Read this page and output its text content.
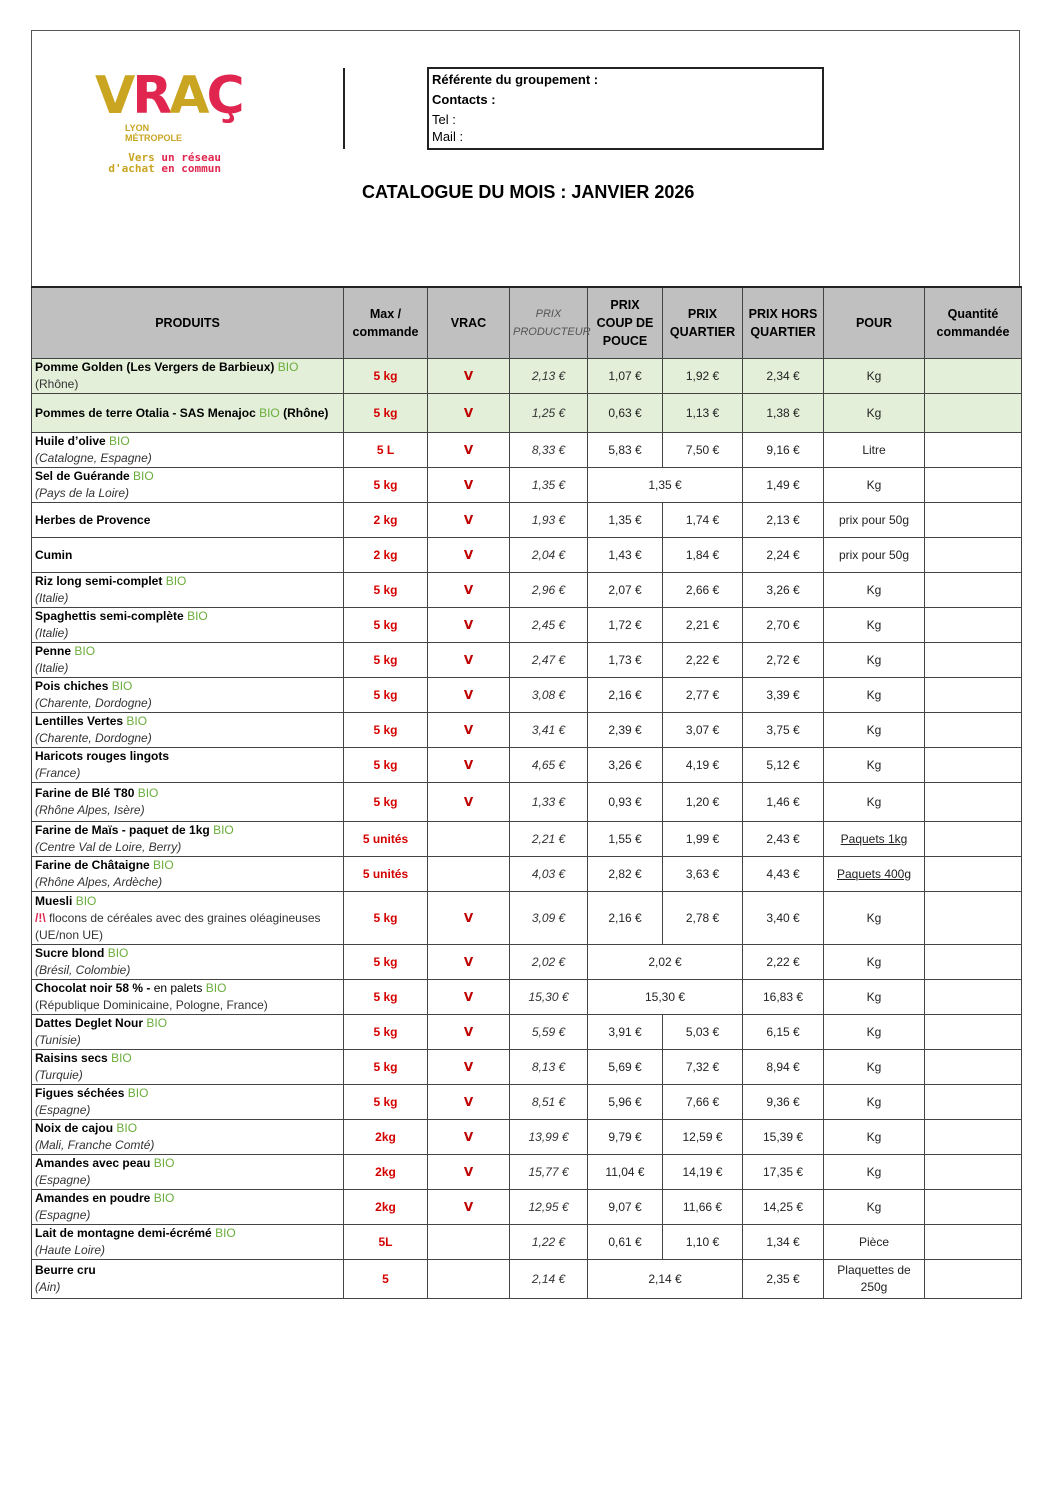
VRAÇ
LYON
MÉTROPOLE
Vers un réseau
d'achat en commun
Référente du groupement :
Contacts :
Tel :
Mail :
CATALOGUE DU MOIS : JANVIER 2026
PRODUITS	Max / commande	VRAC	PRIX PRODUCTEUR	PRIX COUP DE POUCE	PRIX QUARTIER	PRIX HORS QUARTIER	POUR	Quantité commandée
Pomme Golden (Les Vergers de Barbieux) BIO
(Rhône)	5 kg	V	2,13 €	1,07 €	1,92 €	2,34 €	Kg	
Pommes de terre Otalia - SAS Menajoc BIO (Rhône)	5 kg	V	1,25 €	0,63 €	1,13 €	1,38 €	Kg	
Huile d’olive BIO
(Catalogne, Espagne)	5 L	V	8,33 €	5,83 €	7,50 €	9,16 €	Litre	
Sel de Guérande BIO
(Pays de la Loire)	5 kg	V	1,35 €	1,35 €		1,49 €	Kg	
Herbes de Provence	2 kg	V	1,93 €	1,35 €	1,74 €	2,13 €	prix pour 50g	
Cumin	2 kg	V	2,04 €	1,43 €	1,84 €	2,24 €	prix pour 50g	
Riz long semi-complet BIO
(Italie)	5 kg	V	2,96 €	2,07 €	2,66 €	3,26 €	Kg	
Spaghettis semi-complète BIO
(Italie)	5 kg	V	2,45 €	1,72 €	2,21 €	2,70 €	Kg	
Penne BIO
(Italie)	5 kg	V	2,47 €	1,73 €	2,22 €	2,72 €	Kg	
Pois chiches BIO
(Charente, Dordogne)	5 kg	V	3,08 €	2,16 €	2,77 €	3,39 €	Kg	
Lentilles Vertes BIO
(Charente, Dordogne)	5 kg	V	3,41 €	2,39 €	3,07 €	3,75 €	Kg	
Haricots rouges lingots
(France)	5 kg	V	4,65 €	3,26 €	4,19 €	5,12 €	Kg	
Farine de Blé T80 BIO
(Rhône Alpes, Isère)	5 kg	V	1,33 €	0,93 €	1,20 €	1,46 €	Kg	
Farine de Maïs - paquet de 1kg BIO
(Centre Val de Loire, Berry)	5 unités		2,21 €	1,55 €	1,99 €	2,43 €	Paquets 1kg	
Farine de Châtaigne BIO
(Rhône Alpes, Ardèche)	5 unités		4,03 €	2,82 €	3,63 €	4,43 €	Paquets 400g	
Muesli BIO
/!\ flocons de céréales avec des graines oléagineuses
(UE/non UE)	5 kg	V	3,09 €	2,16 €	2,78 €	3,40 €	Kg	
Sucre blond BIO
(Brésil, Colombie)	5 kg	V	2,02 €	2,02 €		2,22 €	Kg	
Chocolat noir 58 % - en palets BIO
(République Dominicaine, Pologne, France)	5 kg	V	15,30 €	15,30 €		16,83 €	Kg	
Dattes Deglet Nour BIO
(Tunisie)	5 kg	V	5,59 €	3,91 €	5,03 €	6,15 €	Kg	
Raisins secs BIO
(Turquie)	5 kg	V	8,13 €	5,69 €	7,32 €	8,94 €	Kg	
Figues séchées BIO
(Espagne)	5 kg	V	8,51 €	5,96 €	7,66 €	9,36 €	Kg	
Noix de cajou BIO
(Mali, Franche Comté)	2kg	V	13,99 €	9,79 €	12,59 €	15,39 €	Kg	
Amandes avec peau BIO
(Espagne)	2kg	V	15,77 €	11,04 €	14,19 €	17,35 €	Kg	
Amandes en poudre BIO
(Espagne)	2kg	V	12,95 €	9,07 €	11,66 €	14,25 €	Kg	
Lait de montagne demi-écrémé BIO
(Haute Loire)	5L		1,22 €	0,61 €	1,10 €	1,34 €	Pièce	
Beurre cru
(Ain)	5		2,14 €	2,14 €		2,35 €	Plaquettes de 250g	
